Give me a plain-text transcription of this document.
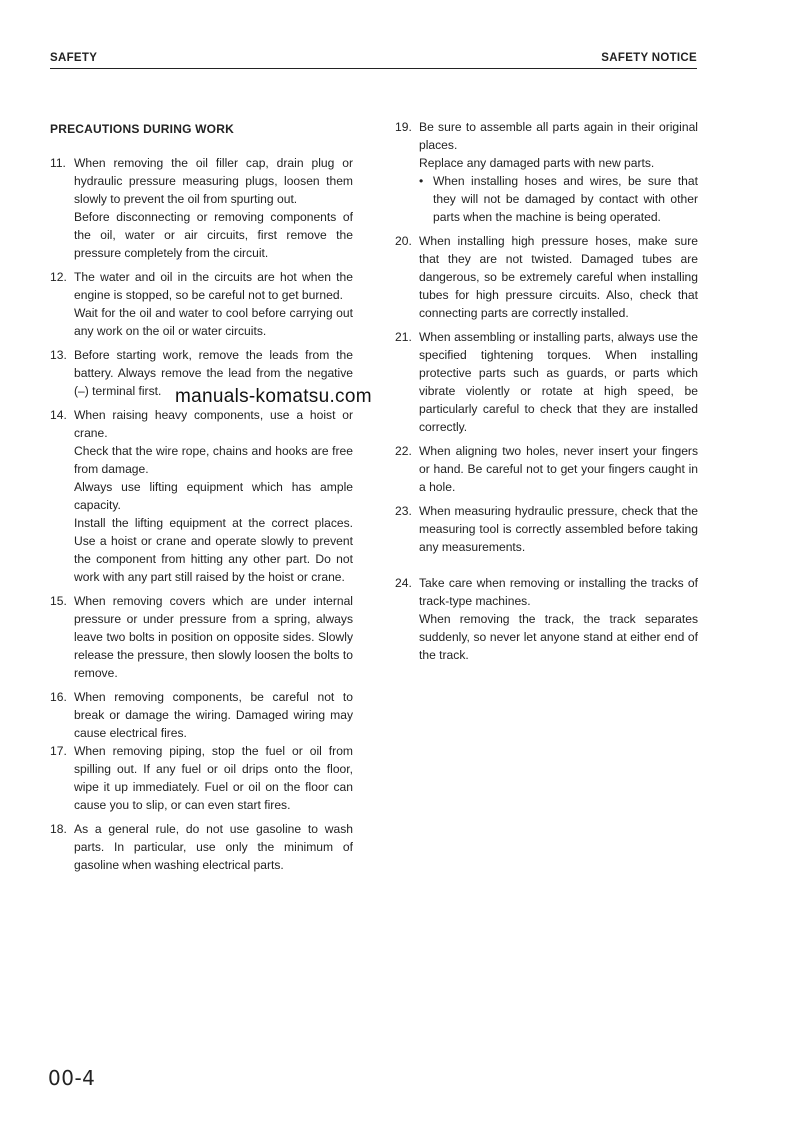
SAFETY	SAFETY NOTICE
PRECAUTIONS DURING WORK
11. When removing the oil filler cap, drain plug or hydraulic pressure measuring plugs, loosen them slowly to prevent the oil from spurting out.

Before disconnecting or removing components of the oil, water or air circuits, first remove the pressure completely from the circuit.

12. The water and oil in the circuits are hot when the engine is stopped, so be careful not to get burned.

Wait for the oil and water to cool before carrying out any work on the oil or water circuits.

13. Before starting work, remove the leads from the battery. Always remove the lead from the negative (–) terminal first.

14. When raising heavy components, use a hoist or crane.

Check that the wire rope, chains and hooks are free from damage.

Always use lifting equipment which has ample capacity.

Install the lifting equipment at the correct places. Use a hoist or crane and operate slowly to prevent the component from hitting any other part. Do not work with any part still raised by the hoist or crane.

15. When removing covers which are under internal pressure or under pressure from a spring, always leave two bolts in position on opposite sides. Slowly release the pressure, then slowly loosen the bolts to remove.

16. When removing components, be careful not to break or damage the wiring. Damaged wiring may cause electrical fires.

17. When removing piping, stop the fuel or oil from spilling out. If any fuel or oil drips onto the floor, wipe it up immediately. Fuel or oil on the floor can cause you to slip, or can even start fires.

18. As a general rule, do not use gasoline to wash parts. In particular, use only the minimum of gasoline when washing electrical parts.

19. Be sure to assemble all parts again in their original places.

Replace any damaged parts with new parts.

• When installing hoses and wires, be sure that they will not be damaged by contact with other parts when the machine is being operated.
20. When installing high pressure hoses, make sure that they are not twisted. Damaged tubes are dangerous, so be extremely careful when installing tubes for high pressure circuits. Also, check that connecting parts are correctly installed.

21. When assembling or installing parts, always use the specified tightening torques. When installing protective parts such as guards, or parts which vibrate violently or rotate at high speed, be particularly careful to check that they are installed correctly.

22. When aligning two holes, never insert your fingers or hand. Be careful not to get your fingers caught in a hole.

23. When measuring hydraulic pressure, check that the measuring tool is correctly assembled before taking any measurements.

24. Take care when removing or installing the tracks of track-type machines.

When removing the track, the track separates suddenly, so never let anyone stand at either end of the track.

manuals-komatsu.com
00-4
